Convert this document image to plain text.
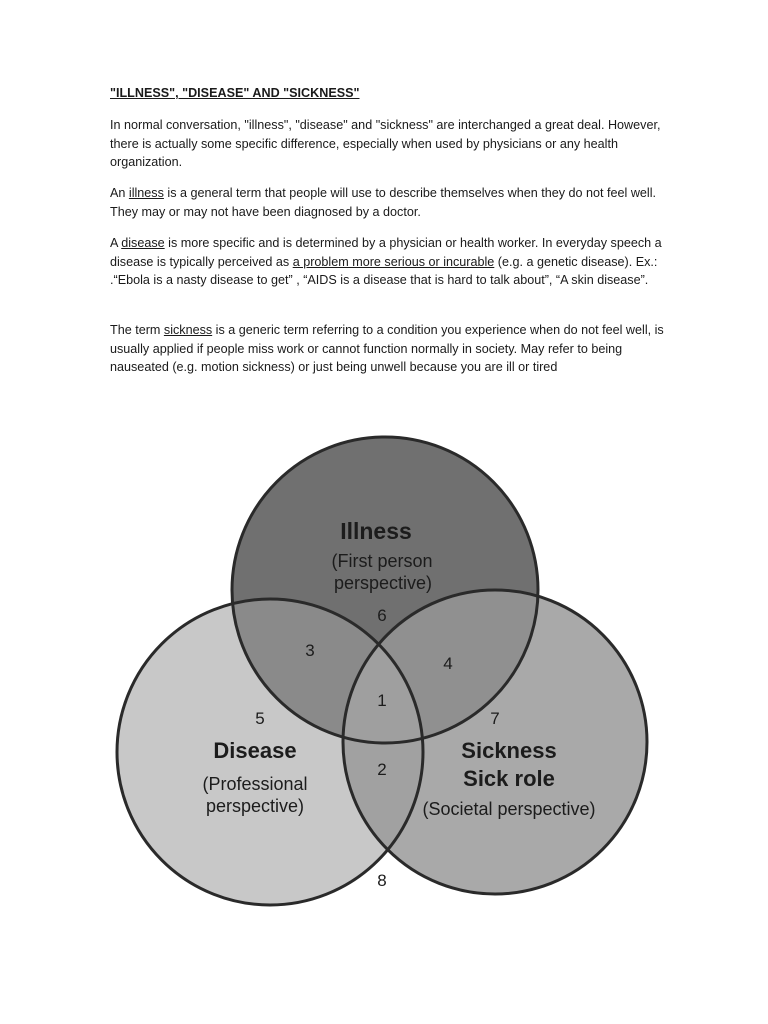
"ILLNESS", "DISEASE" AND "SICKNESS"
In normal conversation, "illness", "disease" and "sickness" are interchanged a great deal. However, there is actually some specific difference, especially when used by physicians or any health organization.
An illness is a general term that people will use to describe themselves when they do not feel well. They may or may not have been diagnosed by a doctor.
A disease is more specific and is determined by a physician or health worker. In everyday speech a disease is typically perceived as a problem more serious or incurable (e.g. a genetic disease). Ex.: .“Ebola is a nasty disease to get” , “AIDS is a disease that is hard to talk about”, “A skin disease”.
The term sickness is a generic term referring to a condition you experience when do not feel well, is usually applied if people miss work or cannot function normally in society. May refer to being nauseated (e.g. motion sickness) or just being unwell because you are ill or tired
Illness
(First person
perspective)
Disease
(Professional
perspective)
Sickness
Sick role
(Societal perspective)
1
2
3
4
5
6
7
8
